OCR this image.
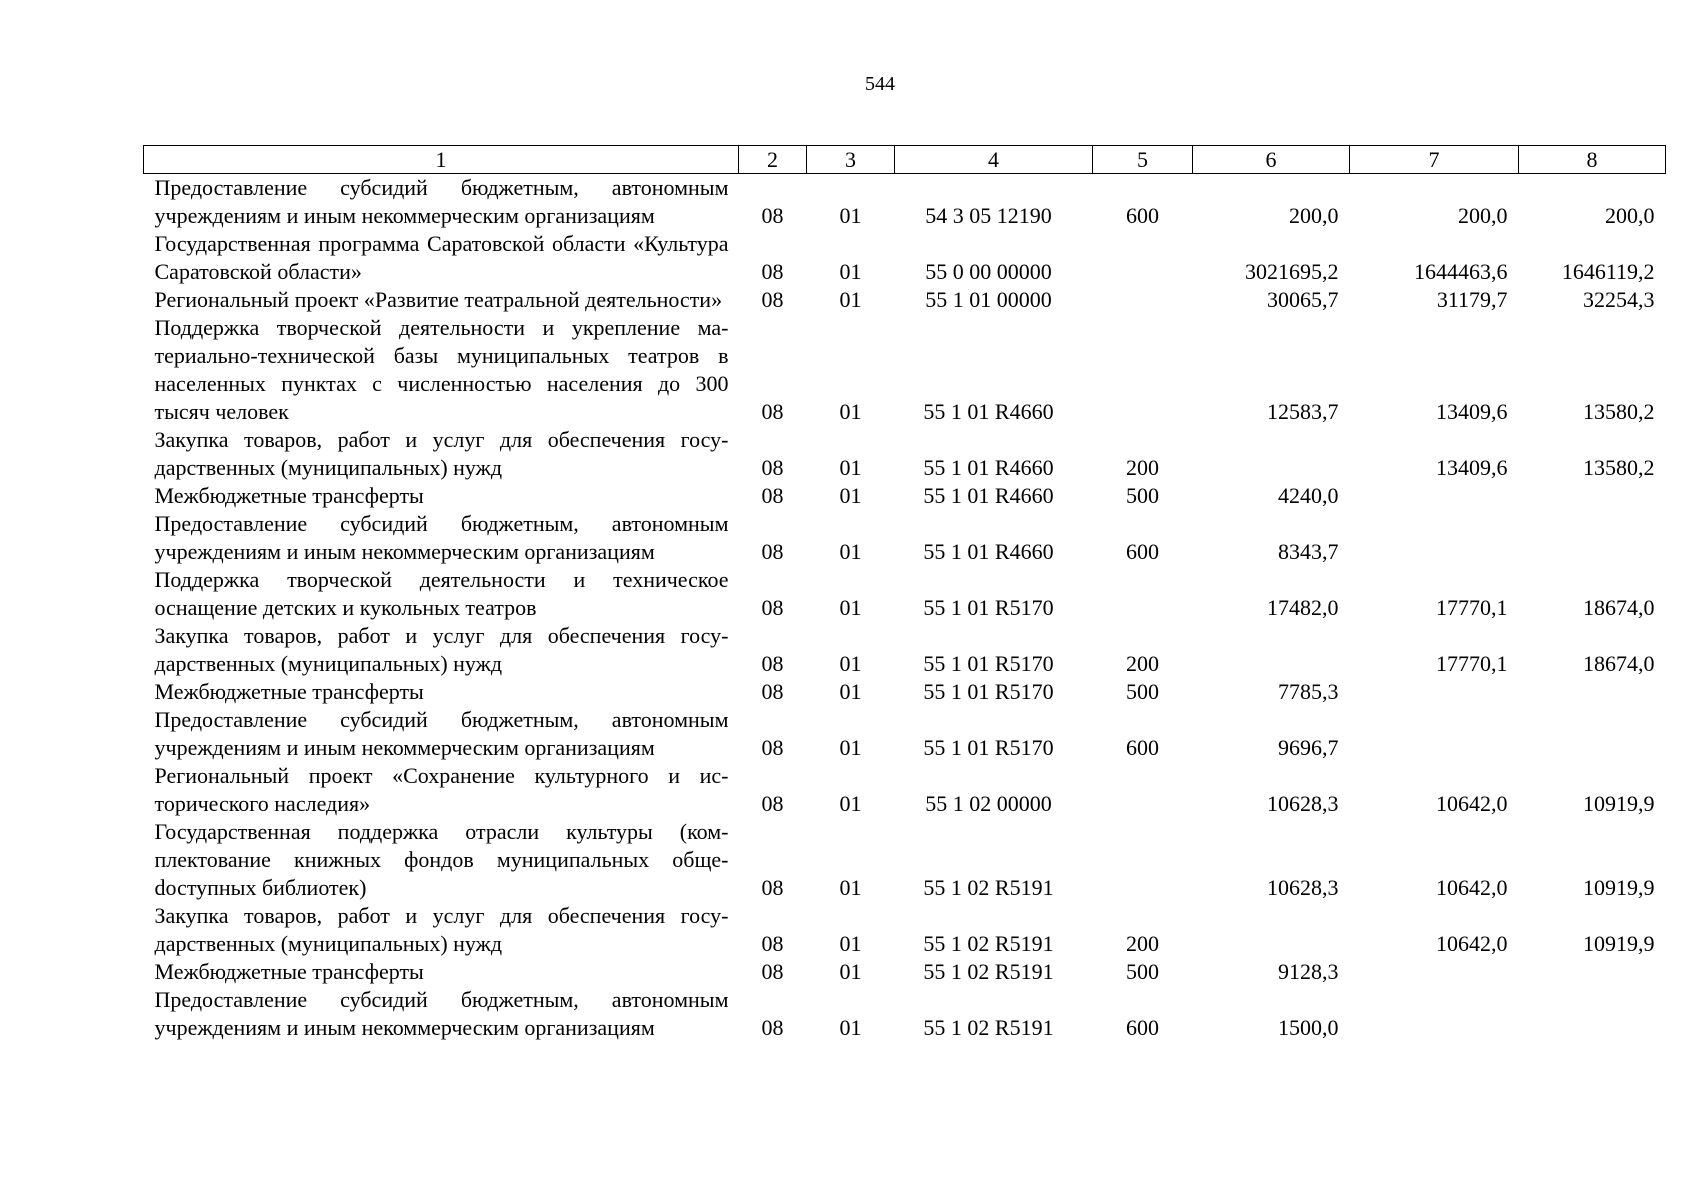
544
1	2	3	4	5	6	7	8
Предоставление субсидий бюджетным, автономным учреждениям и иным некоммерческим организациям	08	01	54 3 05 12190	600	200,0	200,0	200,0
Государственная программа Саратовской области «Культура Саратовской области»	08	01	55 0 00 00000		3021695,2	1644463,6	1646119,2
Региональный проект «Развитие театральной деятельности»	08	01	55 1 01 00000		30065,7	31179,7	32254,3
Поддержка творческой деятельности и укрепление материально-технической базы муниципальных театров в населенных пунктах с численностью населения до 300 тысяч человек	08	01	55 1 01 R4660		12583,7	13409,6	13580,2
Закупка товаров, работ и услуг для обеспечения государственных (муниципальных) нужд	08	01	55 1 01 R4660	200		13409,6	13580,2
Межбюджетные трансферты	08	01	55 1 01 R4660	500	4240,0		
Предоставление субсидий бюджетным, автономным учреждениям и иным некоммерческим организациям	08	01	55 1 01 R4660	600	8343,7		
Поддержка творческой деятельности и техническое оснащение детских и кукольных театров	08	01	55 1 01 R5170		17482,0	17770,1	18674,0
Закупка товаров, работ и услуг для обеспечения государственных (муниципальных) нужд	08	01	55 1 01 R5170	200		17770,1	18674,0
Межбюджетные трансферты	08	01	55 1 01 R5170	500	7785,3		
Предоставление субсидий бюджетным, автономным учреждениям и иным некоммерческим организациям	08	01	55 1 01 R5170	600	9696,7		
Региональный проект «Сохранение культурного и исторического наследия»	08	01	55 1 02 00000		10628,3	10642,0	10919,9
Государственная поддержка отрасли культуры (комплектование книжных фондов муниципальных общеdоступных библиотек)	08	01	55 1 02 R5191		10628,3	10642,0	10919,9
Закупка товаров, работ и услуг для обеспечения государственных (муниципальных) нужд	08	01	55 1 02 R5191	200		10642,0	10919,9
Межбюджетные трансферты	08	01	55 1 02 R5191	500	9128,3		
Предоставление субсидий бюджетным, автономным учреждениям и иным некоммерческим организациям	08	01	55 1 02 R5191	600	1500,0		
